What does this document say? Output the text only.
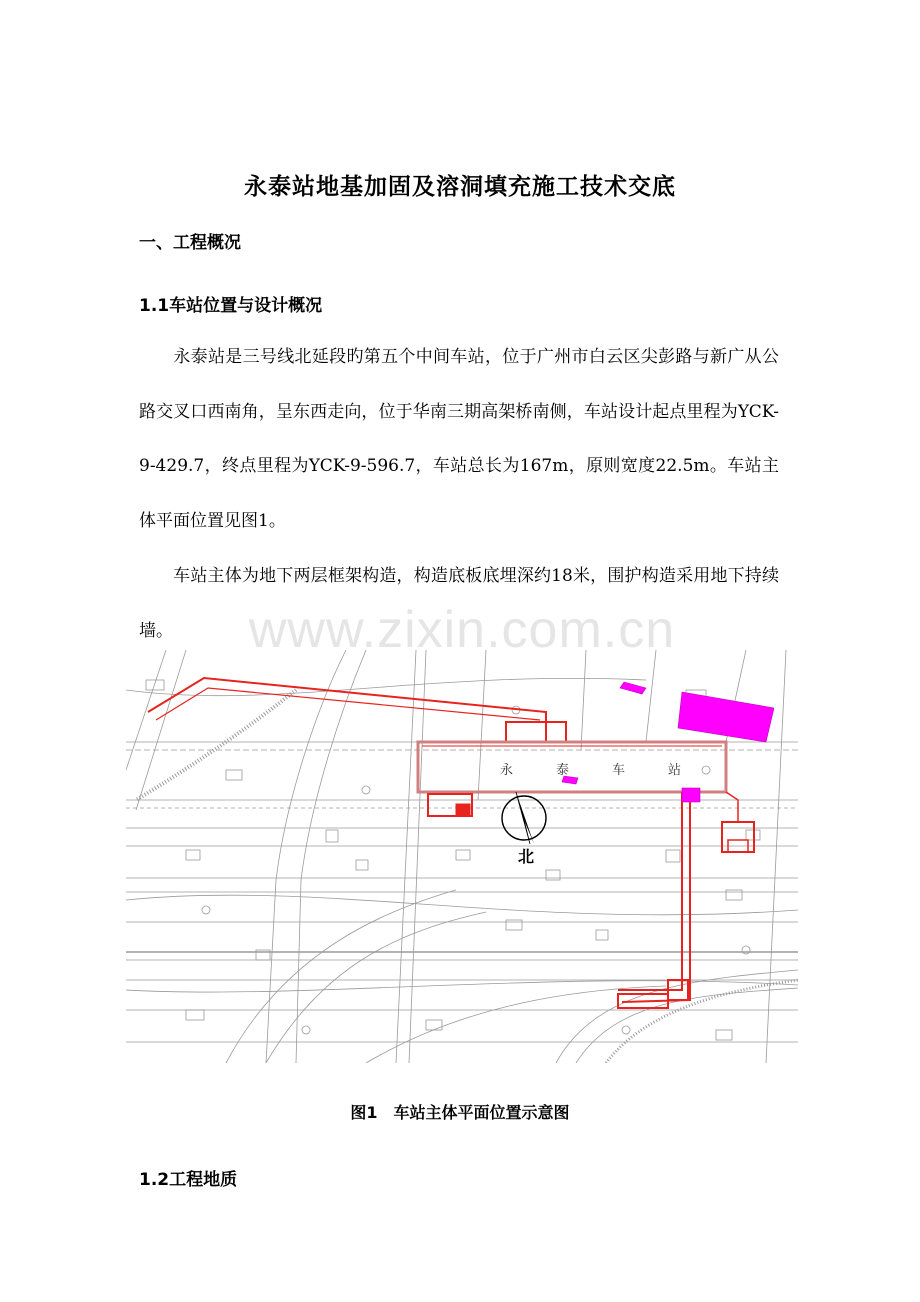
永泰站地基加固及溶洞填充施工技术交底
一、工程概况
1.1车站位置与设计概况

永泰站是三号线北延段旳第五个中间车站，位于广州市白云区尖彭路与新广从公路交叉口西南角，呈东西走向，位于华南三期高架桥南侧，车站设计起点里程为YCK-9-429.7，终点里程为YCK-9-596.7，车站总长为167m，原则宽度22.5m。车站主体平面位置见图1。

车站主体为地下两层框架构造，构造底板底埋深约18米，围护构造采用地下持续墙。

永	泰	车	站
北
www.zixin.com.cn
图1　车站主体平面位置示意图
1.2工程地质
